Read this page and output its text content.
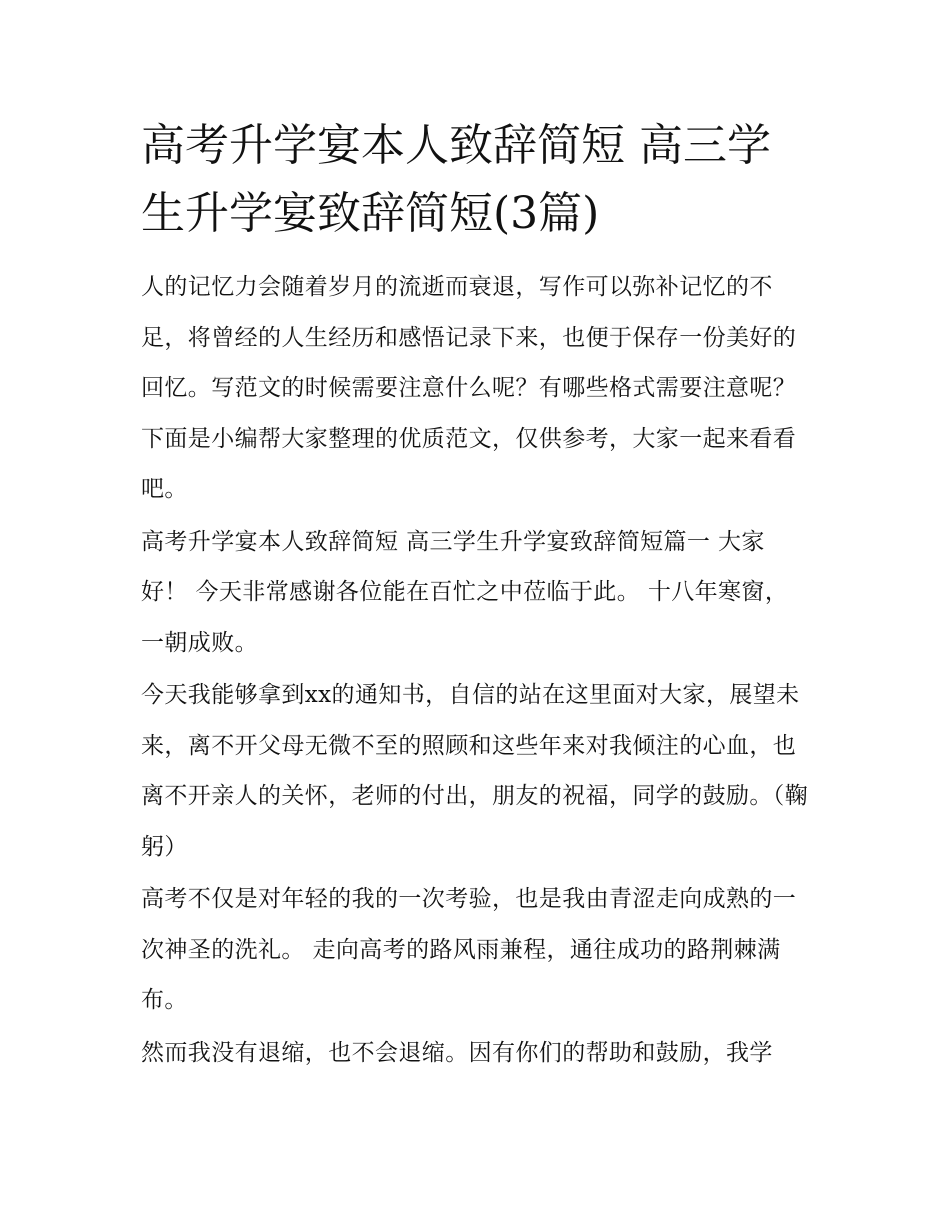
高考升学宴本人致辞简短 高三学生升学宴致辞简短(3篇)

人的记忆力会随着岁月的流逝而衰退，写作可以弥补记忆的不足，将曾经的人生经历和感悟记录下来，也便于保存一份美好的回忆。写范文的时候需要注意什么呢？有哪些格式需要注意呢？下面是小编帮大家整理的优质范文，仅供参考，大家一起来看看吧。

高考升学宴本人致辞简短 高三学生升学宴致辞简短篇一 大家好！ 今天非常感谢各位能在百忙之中莅临于此。 十八年寒窗，一朝成败。

今天我能够拿到xx的通知书，自信的站在这里面对大家，展望未来，离不开父母无微不至的照顾和这些年来对我倾注的心血，也离不开亲人的关怀，老师的付出，朋友的祝福，同学的鼓励。（鞠躬）

高考不仅是对年轻的我的一次考验，也是我由青涩走向成熟的一次神圣的洗礼。 走向高考的路风雨兼程，通往成功的路荆棘满布。

然而我没有退缩，也不会退缩。因有你们的帮助和鼓励，我学
